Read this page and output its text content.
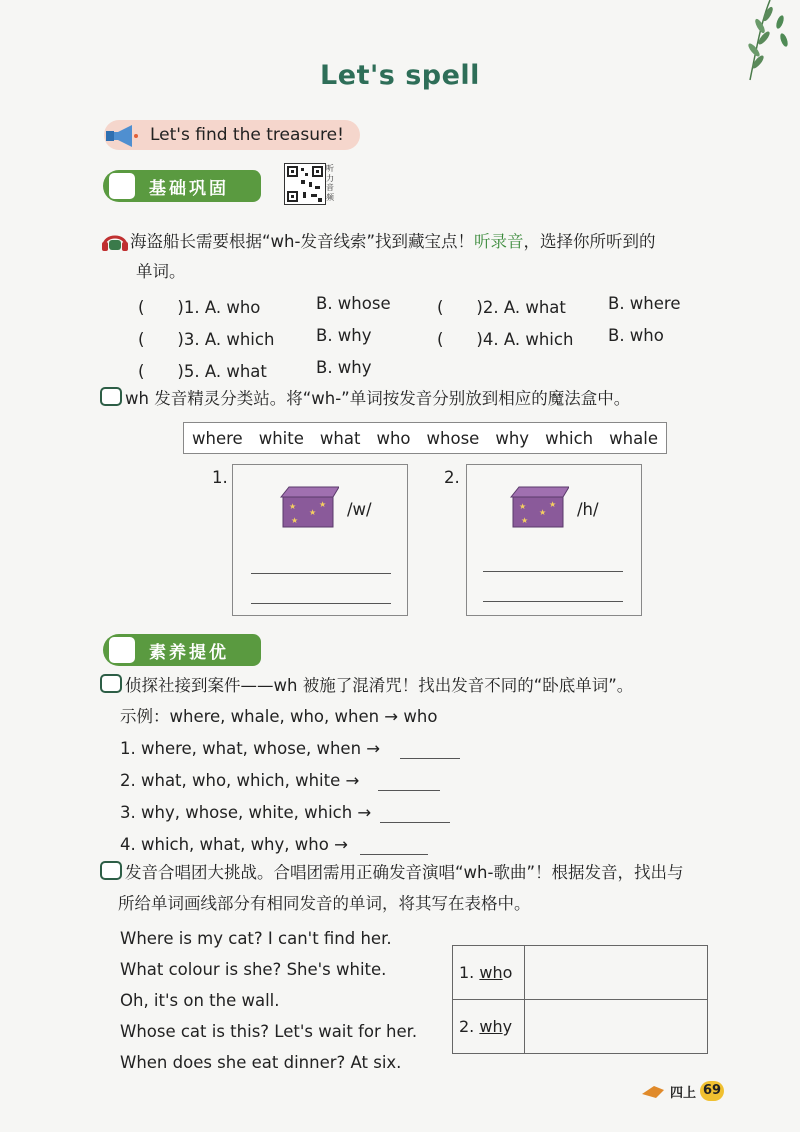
Let's spell
Let's find the treasure!
基础巩固
听力音频
海盗船长需要根据“wh-发音线索”找到藏宝点！听录音，选择你所听到的
单词。
(　　)1. A. who	B. whose	(　　)2. A. what	B. where
(　　)3. A. which	B. why	(　　)4. A. which B. who
(　　)5. A. what	B. why
wh 发音精灵分类站。将“wh-”单词按发音分别放到相应的魔法盒中。
where white what who whose why which whale
1.
★
★
★
★ /w/
2.
★
★
★
★ /h/
素养提优
侦探社接到案件——wh 被施了混淆咒！找出发音不同的“卧底单词”。
示例：where, whale, who, when → who
1. where, what, whose, when →
2. what, who, which, white →
3. why, whose, white, which →
4. which, what, why, who →
发音合唱团大挑战。合唱团需用正确发音演唱“wh-歌曲”！根据发音，找出与
所给单词画线部分有相同发音的单词，将其写在表格中。
Where is my cat? I can't find her.
What colour is she? She's white.
Oh, it's on the wall.
Whose cat is this? Let's wait for her.
When does she eat dinner? At six.
1. who	
2. why	
四上 69
